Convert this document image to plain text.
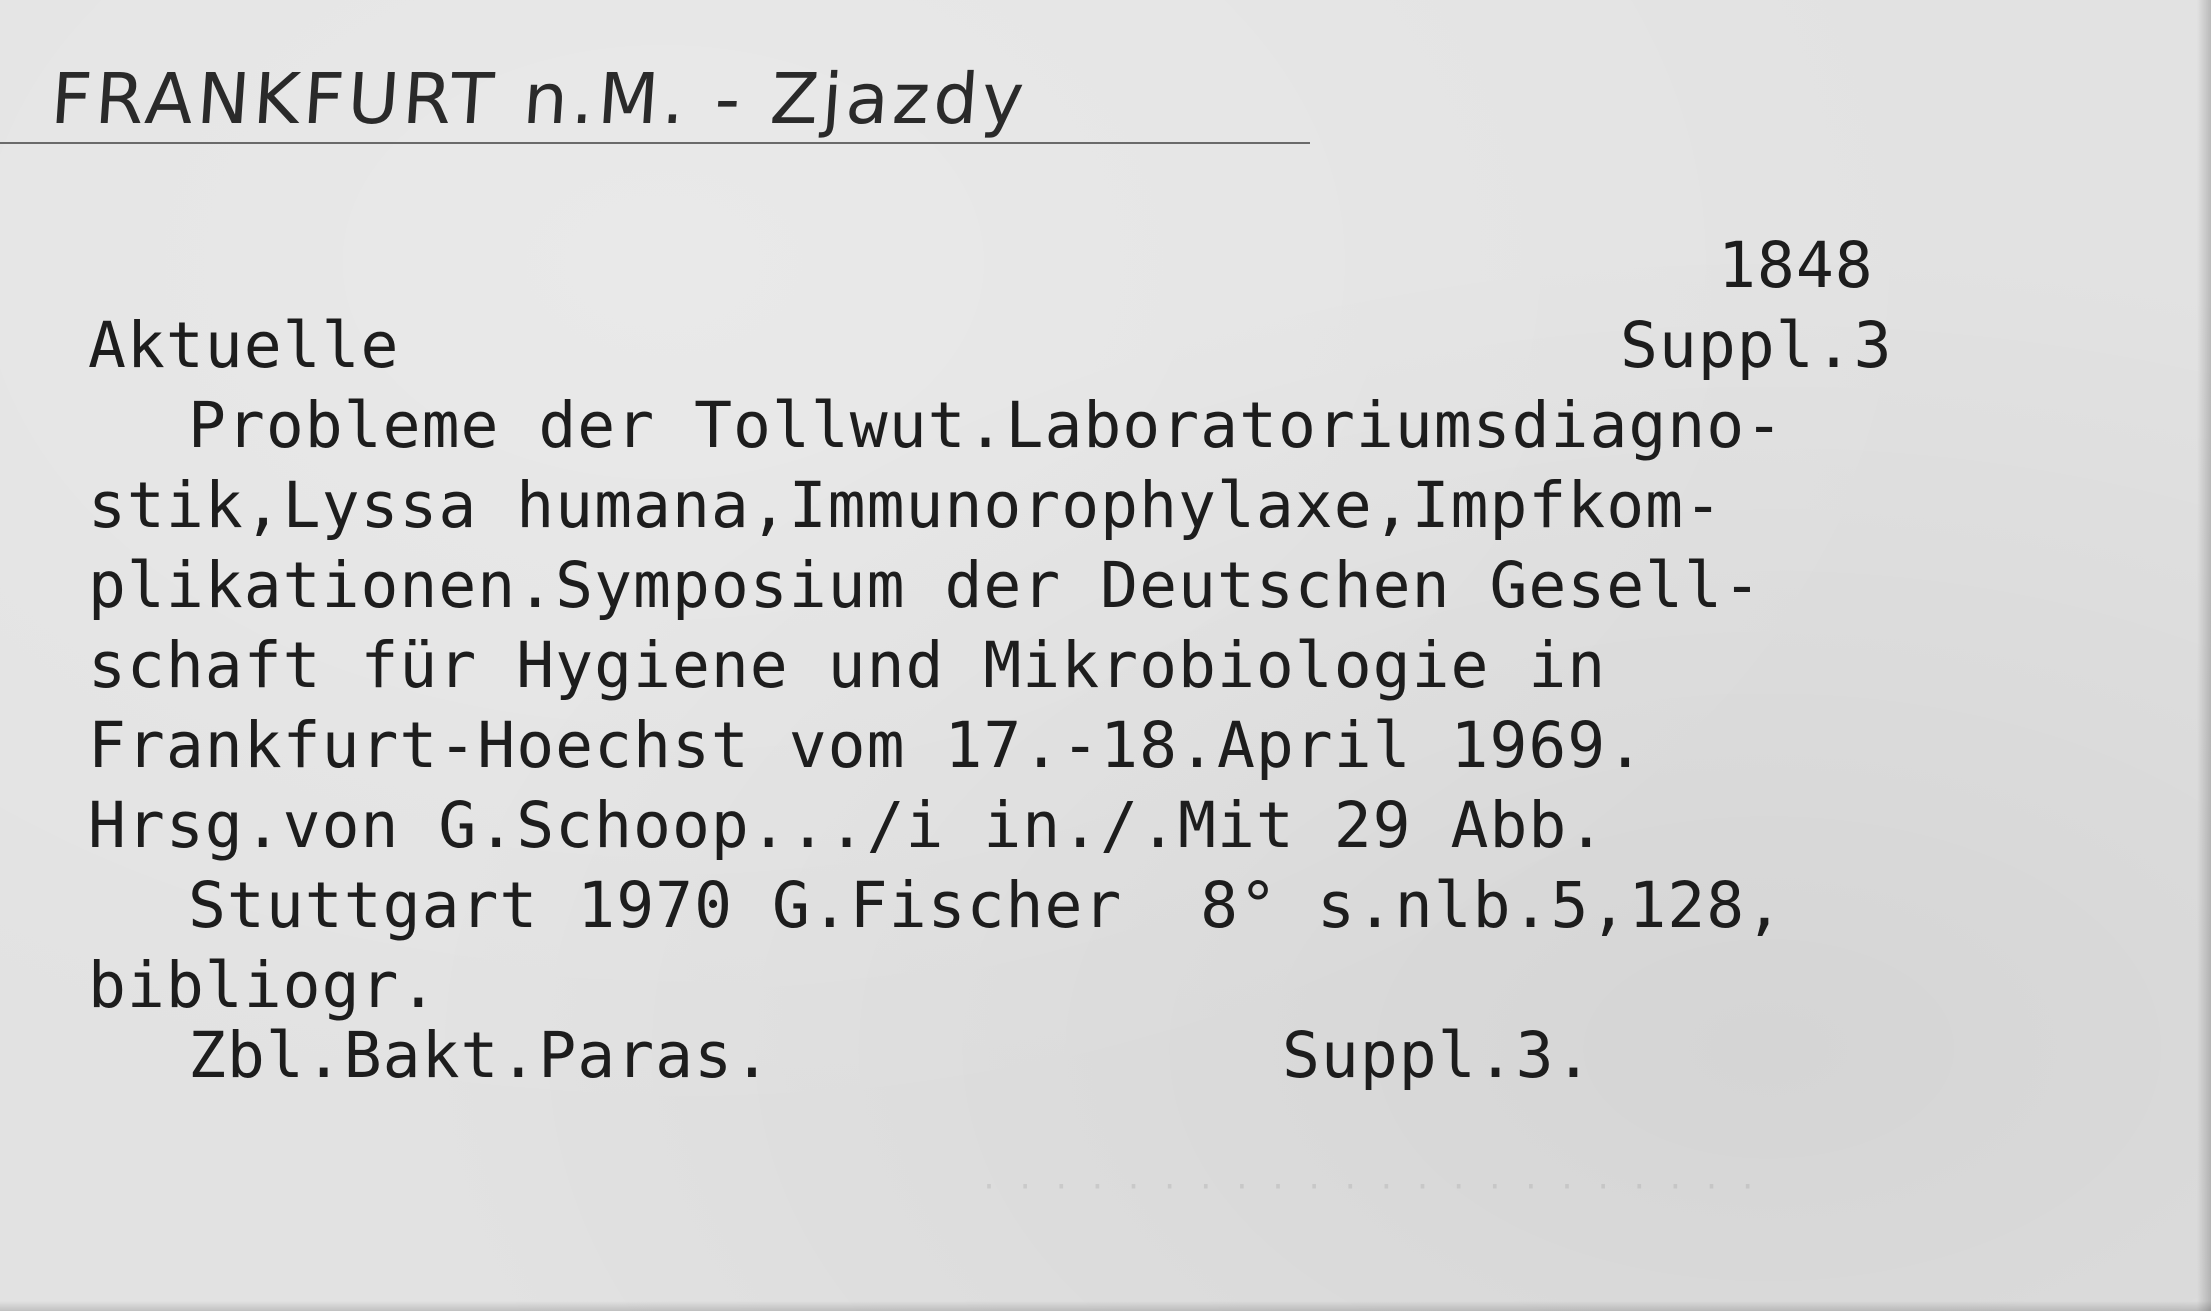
FRANKFURT n.M. - Zjazdy
1848
Suppl.3
Aktuelle
Probleme der Tollwut.Laboratoriumsdiagno-
stik,Lyssa humana,Immunorophylaxe,Impfkom-
plikationen.Symposium der Deutschen Gesell-
schaft für Hygiene und Mikrobiologie in
Frankfurt-Hoechst vom 17.-18.April 1969.
Hrsg.von G.Schoop.../i in./.Mit 29 Abb.
Stuttgart 1970 G.Fischer  8° s.nlb.5,128,
bibliogr.
Zbl.Bakt.Paras.	Suppl.3.
· · · · · · · · · · · · · · · · · · · · · ·
